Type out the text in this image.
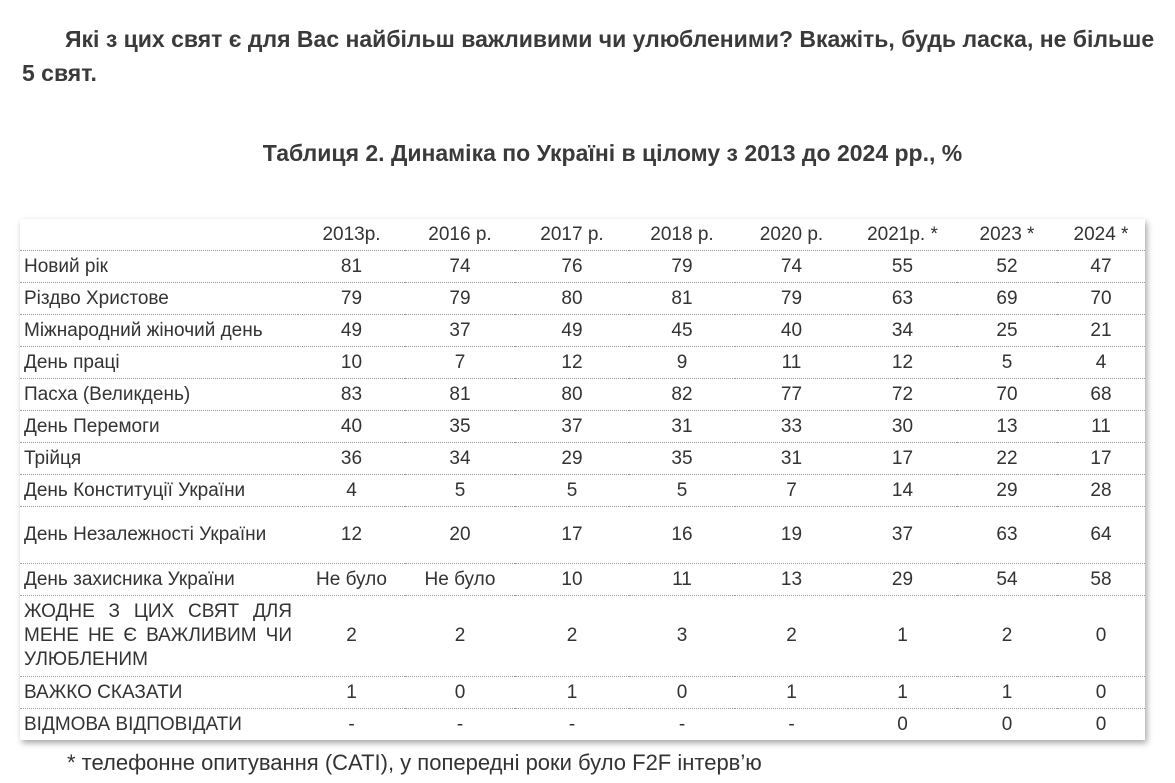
Які з цих свят є для Вас найбільш важливими чи улюбленими? Вкажіть, будь ласка, не більше 5 свят.
Таблиця 2. Динаміка по Україні в цілому з 2013 до 2024 рр., %
	2013р.	2016 р.	2017 р.	2018 р.	2020 р.	2021р. *	2023 *	2024 *
Новий рік	81	74	76	79	74	55	52	47
Різдво Христове	79	79	80	81	79	63	69	70
Міжнародний жіночий день	49	37	49	45	40	34	25	21
День праці	10	7	12	9	11	12	5	4
Пасха (Великдень)	83	81	80	82	77	72	70	68
День Перемоги	40	35	37	31	33	30	13	11
Трійця	36	34	29	35	31	17	22	17
День Конституції України	4	5	5	5	7	14	29	28
День Незалежності України	12	20	17	16	19	37	63	64
День захисника України	Не було	Не було	10	11	13	29	54	58
ЖОДНЕ З ЦИХ СВЯТ ДЛЯ МЕНЕ НЕ Є ВАЖЛИВИМ ЧИ УЛЮБЛЕНИМ	2	2	2	3	2	1	2	0
ВАЖКО СКАЗАТИ	1	0	1	0	1	1	1	0
ВІДМОВА ВІДПОВІДАТИ	-	-	-	-	-	0	0	0
* телефонне опитування (CATI), у попередні роки було F2F інтерв’ю
